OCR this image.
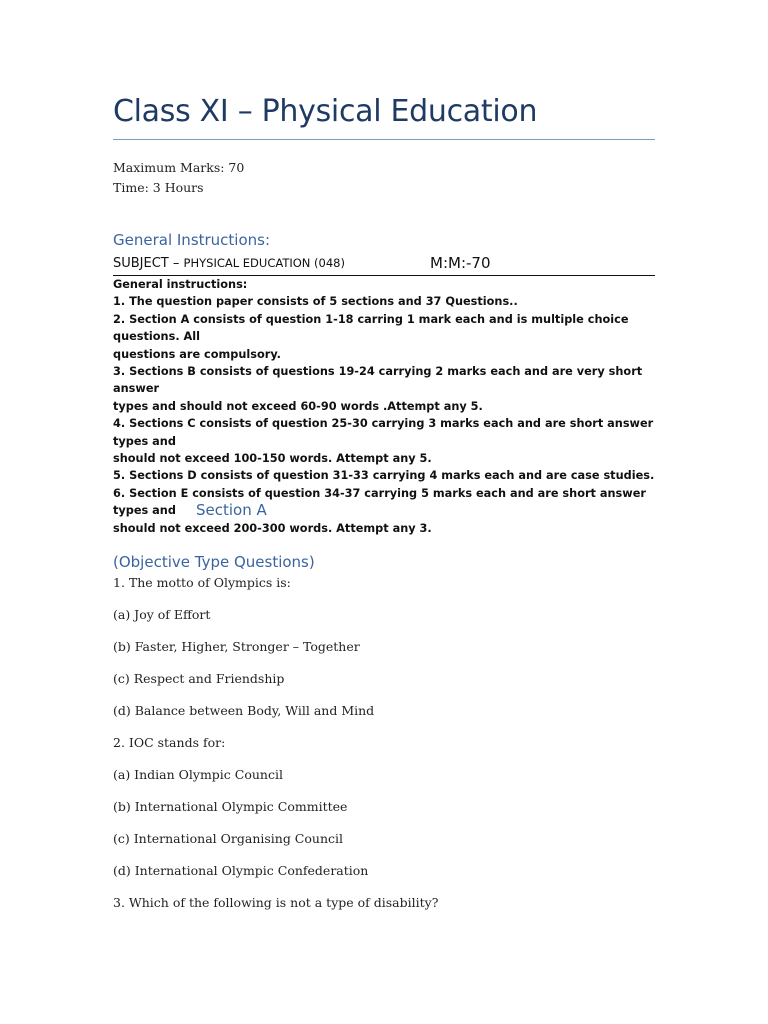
Class XI – Physical Education
Maximum Marks: 70
Time: 3 Hours
General Instructions:
SUBJECT – PHYSICAL EDUCATION (048)	M:M:-70
General instructions:
1. The question paper consists of 5 sections and 37 Questions..
2. Section A consists of question 1-18 carring 1 mark each and is multiple choice questions. All
questions are compulsory.
3. Sections B consists of questions 19-24 carrying 2 marks each and are very short answer
types and should not exceed 60-90 words .Attempt any 5.
4. Sections C consists of question 25-30 carrying 3 marks each and are short answer types and
should not exceed 100-150 words. Attempt any 5.
5. Sections D consists of question 31-33 carrying 4 marks each and are case studies.
6. Section E consists of question 34-37 carrying 5 marks each and are short answer types and
should not exceed 200-300 words. Attempt any 3.
Section A
(Objective Type Questions)
1. The motto of Olympics is:
(a) Joy of Effort
(b) Faster, Higher, Stronger – Together
(c) Respect and Friendship
(d) Balance between Body, Will and Mind
2. IOC stands for:
(a) Indian Olympic Council
(b) International Olympic Committee
(c) International Organising Council
(d) International Olympic Confederation
3. Which of the following is not a type of disability?
